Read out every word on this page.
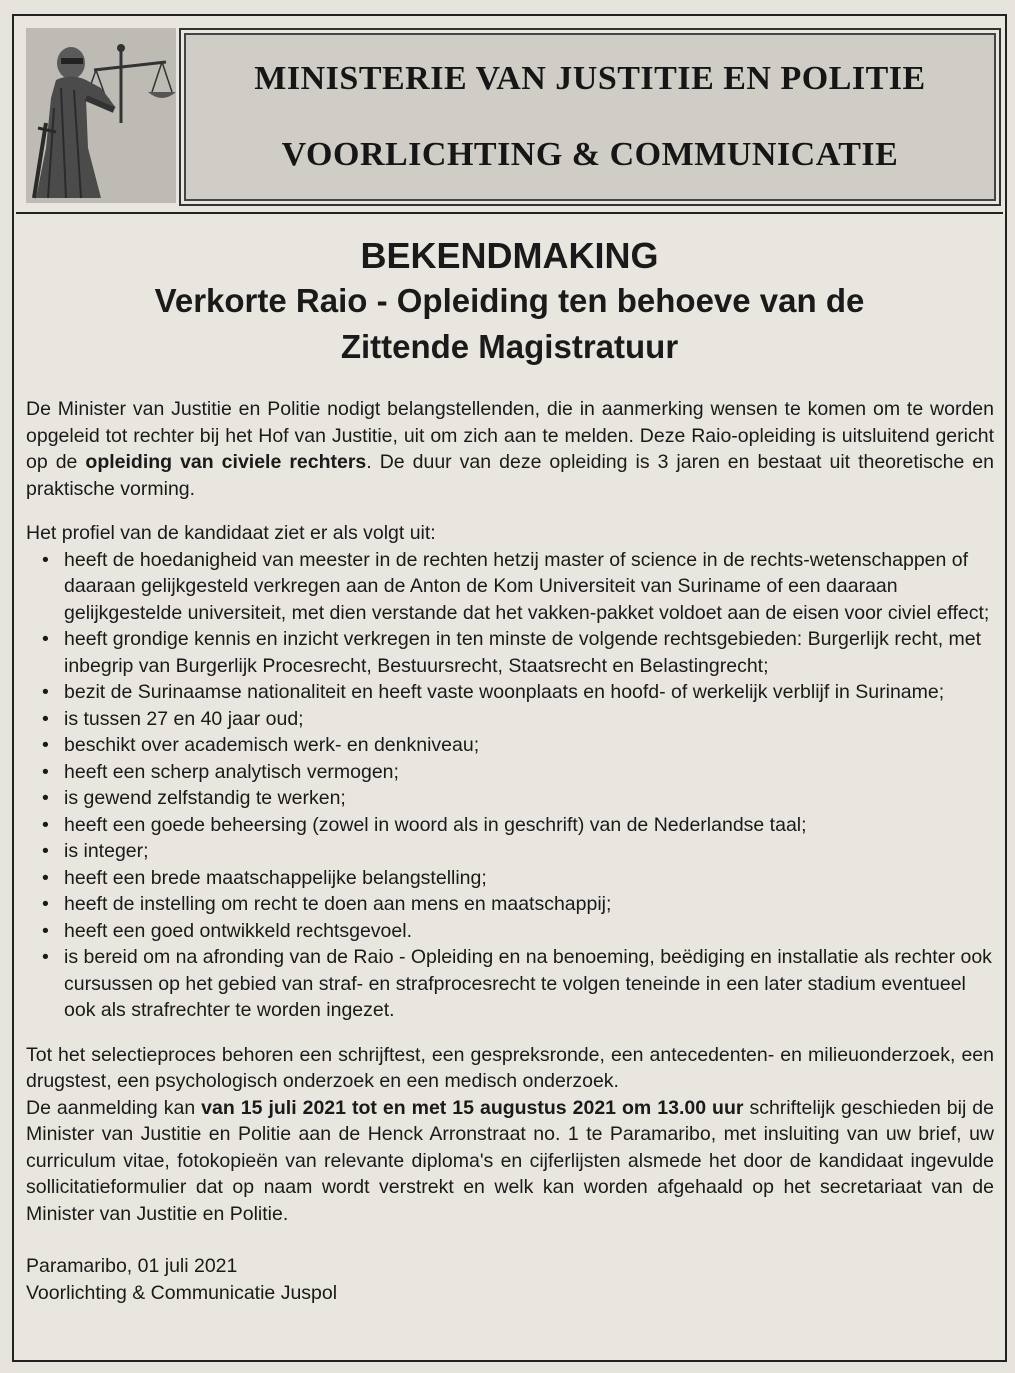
MINISTERIE VAN JUSTITIE EN POLITIE
VOORLICHTING & COMMUNICATIE
BEKENDMAKING
Verkorte Raio - Opleiding ten behoeve van de
Zittende Magistratuur

De Minister van Justitie en Politie nodigt belangstellenden, die in aanmerking wensen te komen om te worden opgeleid tot rechter bij het Hof van Justitie, uit om zich aan te melden. Deze Raio-opleiding is uitsluitend gericht op de opleiding van civiele rechters. De duur van deze opleiding is 3 jaren en bestaat uit theoretische en praktische vorming.

Het profiel van de kandidaat ziet er als volgt uit:

• heeft de hoedanigheid van meester in de rechten hetzij master of science in de rechts-wetenschappen of daaraan gelijkgesteld verkregen aan de Anton de Kom Universiteit van Suriname of een daaraan gelijkgestelde universiteit, met dien verstande dat het vakken-pakket voldoet aan de eisen voor civiel effect;
• heeft grondige kennis en inzicht verkregen in ten minste de volgende rechtsgebieden: Burgerlijk recht, met inbegrip van Burgerlijk Procesrecht, Bestuursrecht, Staatsrecht en Belastingrecht;
• bezit de Surinaamse nationaliteit en heeft vaste woonplaats en hoofd- of werkelijk verblijf in Suriname;
• is tussen 27 en 40 jaar oud;
• beschikt over academisch werk- en denkniveau;
• heeft een scherp analytisch vermogen;
• is gewend zelfstandig te werken;
• heeft een goede beheersing (zowel in woord als in geschrift) van de Nederlandse taal;
• is integer;
• heeft een brede maatschappelijke belangstelling;
• heeft de instelling om recht te doen aan mens en maatschappij;
• heeft een goed ontwikkeld rechtsgevoel.
• is bereid om na afronding van de Raio - Opleiding en na benoeming, beëdiging en installatie als rechter ook cursussen op het gebied van straf- en strafprocesrecht te volgen teneinde in een later stadium eventueel ook als strafrechter te worden ingezet.

Tot het selectieproces behoren een schrijftest, een gespreksronde, een antecedenten- en milieuonderzoek, een drugstest, een psychologisch onderzoek en een medisch onderzoek.

De aanmelding kan van 15 juli 2021 tot en met 15 augustus 2021 om 13.00 uur schriftelijk geschieden bij de Minister van Justitie en Politie aan de Henck Arronstraat no. 1 te Paramaribo, met insluiting van uw brief, uw curriculum vitae, fotokopieën van relevante diploma's en cijferlijsten alsmede het door de kandidaat ingevulde sollicitatieformulier dat op naam wordt verstrekt en welk kan worden afgehaald op het secretariaat van de Minister van Justitie en Politie.

Paramaribo, 01 juli 2021
Voorlichting & Communicatie Juspol
